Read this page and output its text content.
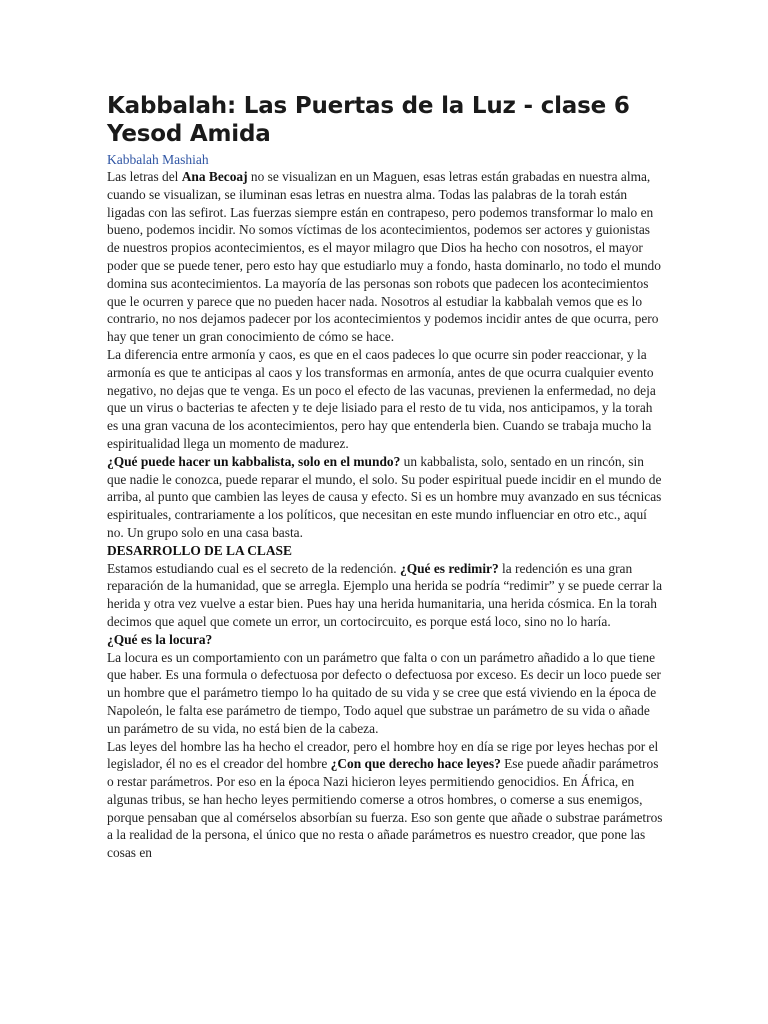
Kabbalah: Las Puertas de la Luz - clase 6
Yesod Amida
Kabbalah Mashiah

Las letras del Ana Becoaj no se visualizan en un Maguen, esas letras están grabadas en nuestra alma, cuando se visualizan, se iluminan esas letras en nuestra alma. Todas las palabras de la torah están ligadas con las sefirot. Las fuerzas siempre están en contrapeso, pero podemos transformar lo malo en bueno, podemos incidir. No somos víctimas de los acontecimientos, podemos ser actores y guionistas de nuestros propios acontecimientos, es el mayor milagro que Dios ha hecho con nosotros, el mayor poder que se puede tener, pero esto hay que estudiarlo muy a fondo, hasta dominarlo, no todo el mundo domina sus acontecimientos. La mayoría de las personas son robots que padecen los acontecimientos que le ocurren y parece que no pueden hacer nada. Nosotros al estudiar la kabbalah vemos que es lo contrario, no nos dejamos padecer por los acontecimientos y podemos incidir antes de que ocurra, pero hay que tener un gran conocimiento de cómo se hace.

La diferencia entre armonía y caos, es que en el caos padeces lo que ocurre sin poder reaccionar, y la armonía es que te anticipas al caos y los transformas en armonía, antes de que ocurra cualquier evento negativo, no dejas que te venga. Es un poco el efecto de las vacunas, previenen la enfermedad, no deja que un virus o bacterias te afecten y te deje lisiado para el resto de tu vida, nos anticipamos, y la torah es una gran vacuna de los acontecimientos, pero hay que entenderla bien. Cuando se trabaja mucho la espiritualidad llega un momento de madurez.

¿Qué puede hacer un kabbalista, solo en el mundo? un kabbalista, solo, sentado en un rincón, sin que nadie le conozca, puede reparar el mundo, el solo. Su poder espiritual puede incidir en el mundo de arriba, al punto que cambien las leyes de causa y efecto. Si es un hombre muy avanzado en sus técnicas espirituales, contrariamente a los políticos, que necesitan en este mundo influenciar en otro etc., aquí no. Un grupo solo en una casa basta.

DESARROLLO DE LA CLASE

Estamos estudiando cual es el secreto de la redención. ¿Qué es redimir? la redención es una gran reparación de la humanidad, que se arregla. Ejemplo una herida se podría “redimir” y se puede cerrar la herida y otra vez vuelve a estar bien. Pues hay una herida humanitaria, una herida cósmica. En la torah decimos que aquel que comete un error, un cortocircuito, es porque está loco, sino no lo haría.

¿Qué es la locura?

La locura es un comportamiento con un parámetro que falta o con un parámetro añadido a lo que tiene que haber. Es una formula o defectuosa por defecto o defectuosa por exceso. Es decir un loco puede ser un hombre que el parámetro tiempo lo ha quitado de su vida y se cree que está viviendo en la época de Napoleón, le falta ese parámetro de tiempo, Todo aquel que substrae un parámetro de su vida o añade un parámetro de su vida, no está bien de la cabeza.

Las leyes del hombre las ha hecho el creador, pero el hombre hoy en día se rige por leyes hechas por el legislador, él no es el creador del hombre ¿Con que derecho hace leyes? Ese puede añadir parámetros o restar parámetros. Por eso en la época Nazi hicieron leyes permitiendo genocidios. En África, en algunas tribus, se han hecho leyes permitiendo comerse a otros hombres, o comerse a sus enemigos, porque pensaban que al comérselos absorbían su fuerza. Eso son gente que añade o substrae parámetros a la realidad de la persona, el único que no resta o añade parámetros es nuestro creador, que pone las cosas en
